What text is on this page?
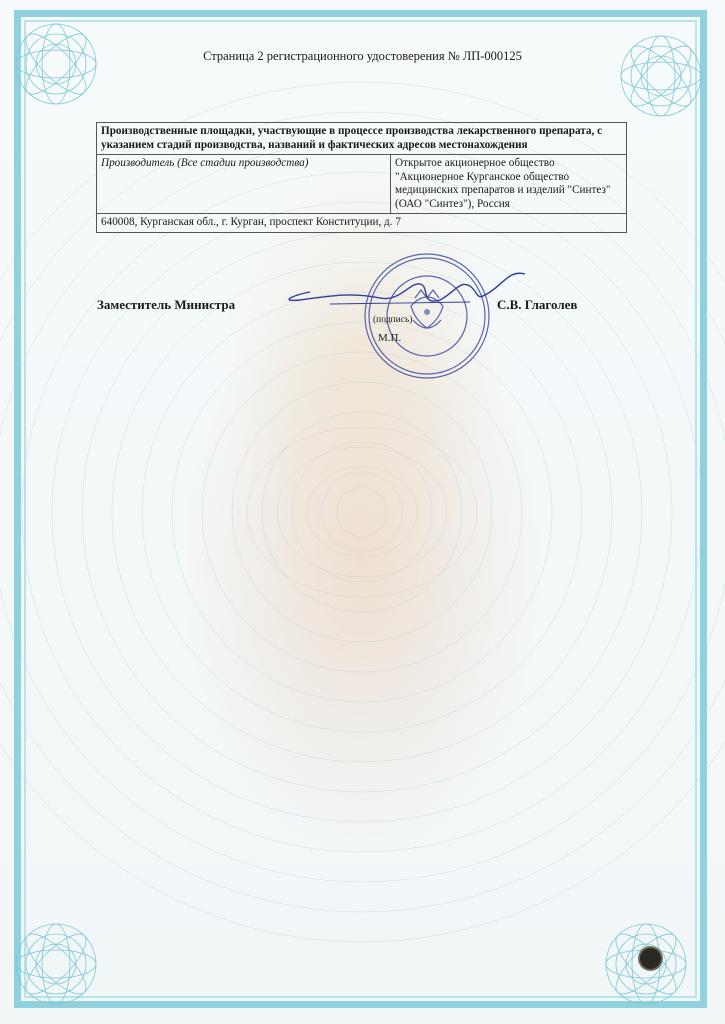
Страница 2 регистрационного удостоверения № ЛП-000125
Производственные площадки, участвующие в процессе производства лекарственного препарата, с указанием стадий производства, названий и фактических адресов местонахождения
Производитель (Все стадии производства)	Открытое акционерное общество "Акционерное Курганское общество медицинских препаратов и изделий "Синтез" (ОАО "Синтез"), Россия
640008, Курганская обл., г. Курган, проспект Конституции, д. 7
Заместитель Министра	С.В. Глаголев
(подпись)
М.П.
